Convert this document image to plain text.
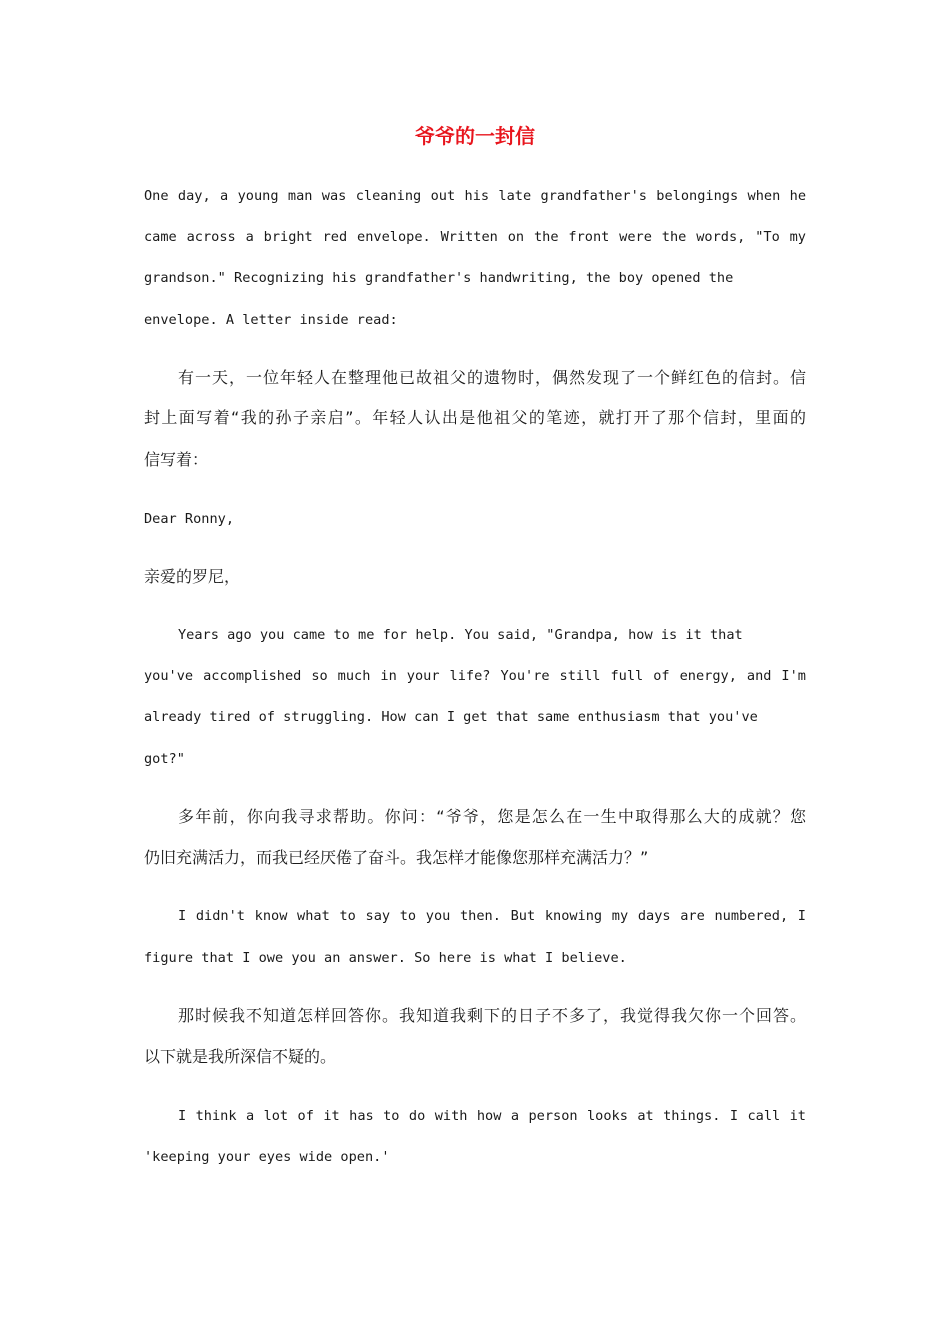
爷爷的一封信
One day, a young man was cleaning out his late grandfather's belongings when he
came across a bright red envelope. Written on the front were the words, "To my
grandson." Recognizing his grandfather's handwriting, the boy opened the
envelope. A letter inside read:
有一天，一位年轻人在整理他已故祖父的遗物时，偶然发现了一个鲜红色的信封。信
封上面写着“我的孙子亲启”。年轻人认出是他祖父的笔迹，就打开了那个信封，里面的
信写着：
Dear Ronny,
亲爱的罗尼，
Years ago you came to me for help. You said, "Grandpa, how is it that
you've accomplished so much in your life? You're still full of energy, and I'm
already tired of struggling. How can I get that same enthusiasm that you've
got?"
多年前，你向我寻求帮助。你问：“爷爷，您是怎么在一生中取得那么大的成就？您
仍旧充满活力，而我已经厌倦了奋斗。我怎样才能像您那样充满活力？”
I didn't know what to say to you then. But knowing my days are numbered, I
figure that I owe you an answer. So here is what I believe.
那时候我不知道怎样回答你。我知道我剩下的日子不多了，我觉得我欠你一个回答。
以下就是我所深信不疑的。
I think a lot of it has to do with how a person looks at things. I call it
'keeping your eyes wide open.'
